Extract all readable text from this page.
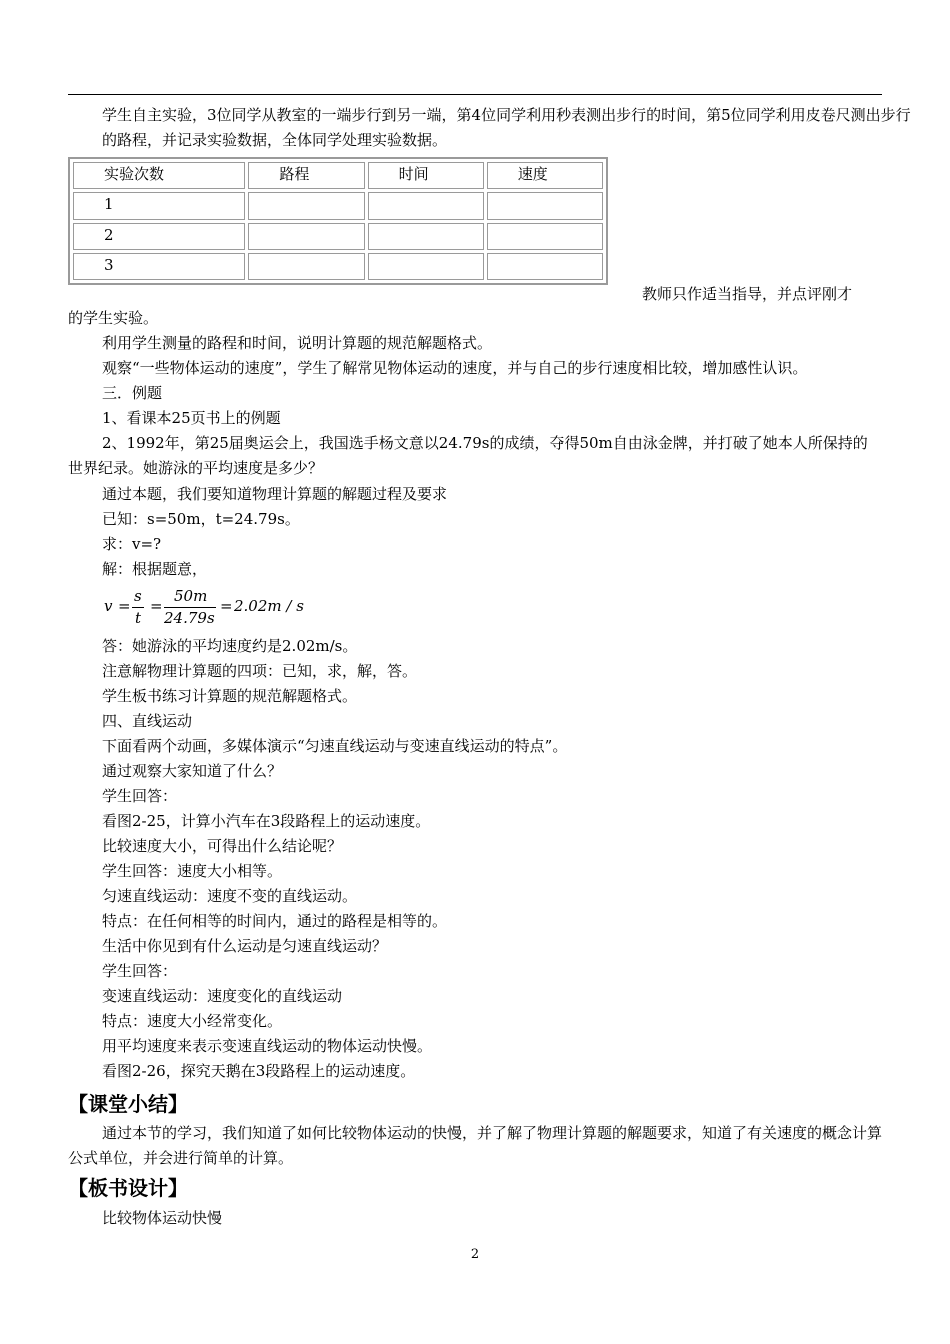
学生自主实验，3位同学从教室的一端步行到另一端，第4位同学利用秒表测出步行的时间，第5位同学利用皮卷尺测出步行的路程，并记录实验数据，全体同学处理实验数据。

实验次数	路程	时间	速度
1			
2			
3			
教师只作适当指导，并点评刚才
的学生实验。
利用学生测量的路程和时间，说明计算题的规范解题格式。
观察“一些物体运动的速度”，学生了解常见物体运动的速度，并与自己的步行速度相比较，增加感性认识。
三．例题
1、看课本25页书上的例题

2、1992年，第25届奥运会上，我国选手杨文意以24.79s的成绩，夺得50m自由泳金牌，并打破了她本人所保持的世界纪录。她游泳的平均速度是多少？

通过本题，我们要知道物理计算题的解题过程及要求
已知：s=50m，t=24.79s。
求：v=?
解：根据题意，
v =
s
t
=
50m
24.79s
= 2.02m / s
答：她游泳的平均速度约是2.02m/s。
注意解物理计算题的四项：已知，求，解，答。
学生板书练习计算题的规范解题格式。
四、直线运动
下面看两个动画，多媒体演示“匀速直线运动与变速直线运动的特点”。
通过观察大家知道了什么？
学生回答：
看图2-25，计算小汽车在3段路程上的运动速度。
比较速度大小，可得出什么结论呢？
学生回答：速度大小相等。
匀速直线运动：速度不变的直线运动。
特点：在任何相等的时间内，通过的路程是相等的。
生活中你见到有什么运动是匀速直线运动？
学生回答：
变速直线运动：速度变化的直线运动
特点：速度大小经常变化。
用平均速度来表示变速直线运动的物体运动快慢。
看图2-26，探究天鹅在3段路程上的运动速度。
【课堂小结】

通过本节的学习，我们知道了如何比较物体运动的快慢，并了解了物理计算题的解题要求，知道了有关速度的概念计算公式单位，并会进行简单的计算。

【板书设计】
比较物体运动快慢
2
